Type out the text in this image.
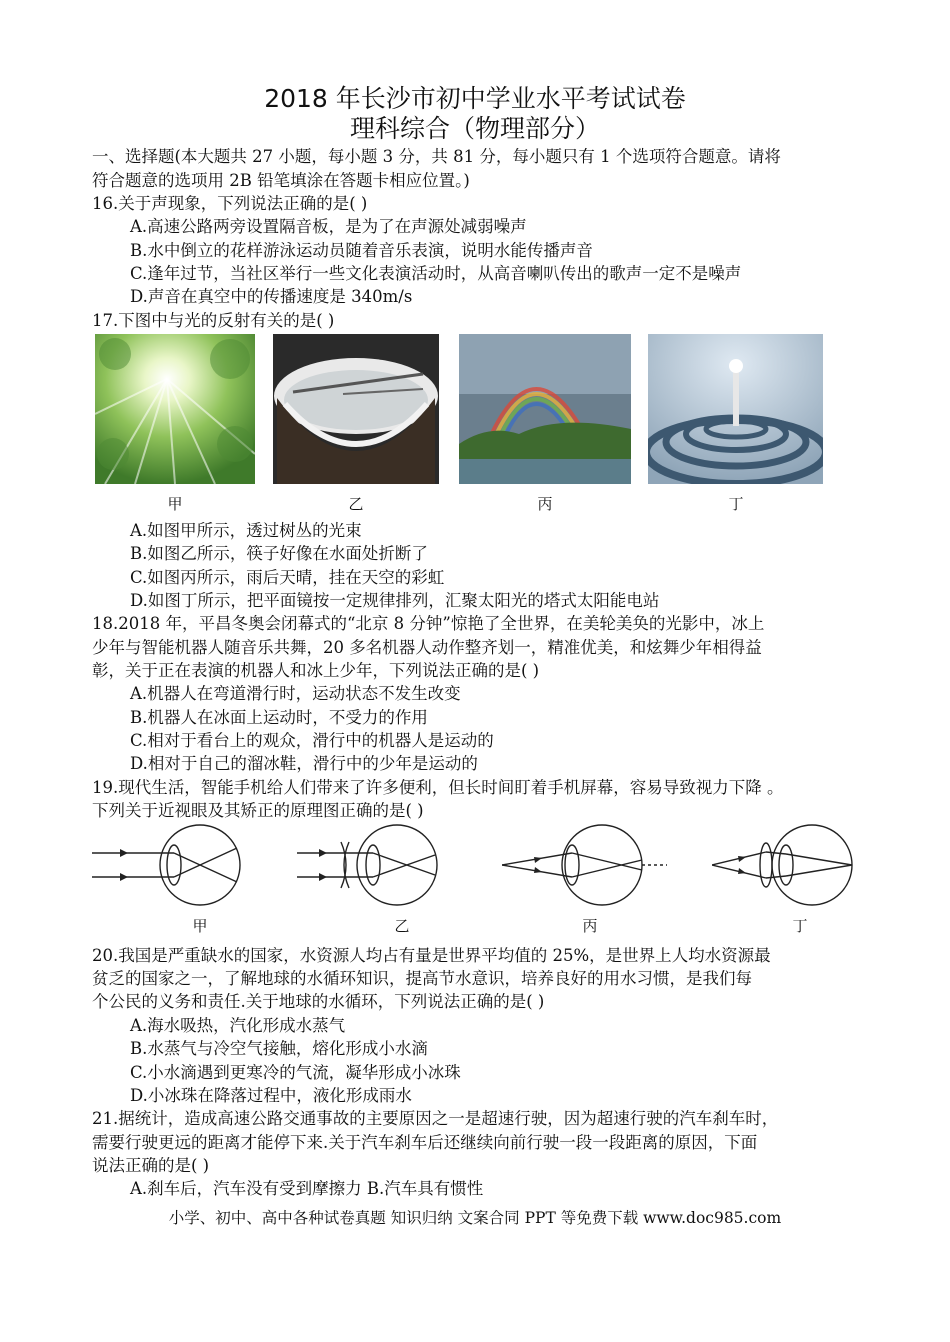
2018 年长沙市初中学业水平考试试卷
理科综合（物理部分）
一、选择题(本大题共 27 小题，每小题 3 分，共 81 分，每小题只有 1 个选项符合题意。请将
符合题意的选项用 2B 铅笔填涂在答题卡相应位置。)
16.关于声现象，下列说法正确的是( )
A.高速公路两旁设置隔音板，是为了在声源处减弱噪声
B.水中倒立的花样游泳运动员随着音乐表演，说明水能传播声音
C.逢年过节，当社区举行一些文化表演活动时，从高音喇叭传出的歌声一定不是噪声
D.声音在真空中的传播速度是 340m/s
17.下图中与光的反射有关的是( )
甲	乙	丙	丁
A.如图甲所示，透过树丛的光束
B.如图乙所示，筷子好像在水面处折断了
C.如图丙所示，雨后天晴，挂在天空的彩虹
D.如图丁所示，把平面镜按一定规律排列，汇聚太阳光的塔式太阳能电站
18.2018 年，平昌冬奥会闭幕式的“北京 8 分钟”惊艳了全世界，在美轮美奂的光影中，冰上
少年与智能机器人随音乐共舞，20 多名机器人动作整齐划一，精准优美，和炫舞少年相得益
彰，关于正在表演的机器人和冰上少年，下列说法正确的是( )
A.机器人在弯道滑行时，运动状态不发生改变
B.机器人在冰面上运动时，不受力的作用
C.相对于看台上的观众，滑行中的机器人是运动的
D.相对于自己的溜冰鞋，滑行中的少年是运动的
19.现代生活，智能手机给人们带来了许多便利，但长时间盯着手机屏幕，容易导致视力下降 。
下列关于近视眼及其矫正的原理图正确的是( )
甲	乙	丙	丁
20.我国是严重缺水的国家，水资源人均占有量是世界平均值的 25%，是世界上人均水资源最
贫乏的国家之一，了解地球的水循环知识，提高节水意识，培养良好的用水习惯，是我们每
个公民的义务和责任.关于地球的水循环，下列说法正确的是( )
A.海水吸热，汽化形成水蒸气
B.水蒸气与冷空气接触，熔化形成小水滴
C.小水滴遇到更寒冷的气流，凝华形成小冰珠
D.小冰珠在降落过程中，液化形成雨水
21.据统计，造成高速公路交通事故的主要原因之一是超速行驶，因为超速行驶的汽车刹车时，
需要行驶更远的距离才能停下来.关于汽车刹车后还继续向前行驶一段一段距离的原因，下面
说法正确的是( )
A.刹车后，汽车没有受到摩擦力 B.汽车具有惯性
小学、初中、高中各种试卷真题 知识归纳 文案合同 PPT 等免费下载 www.doc985.com
